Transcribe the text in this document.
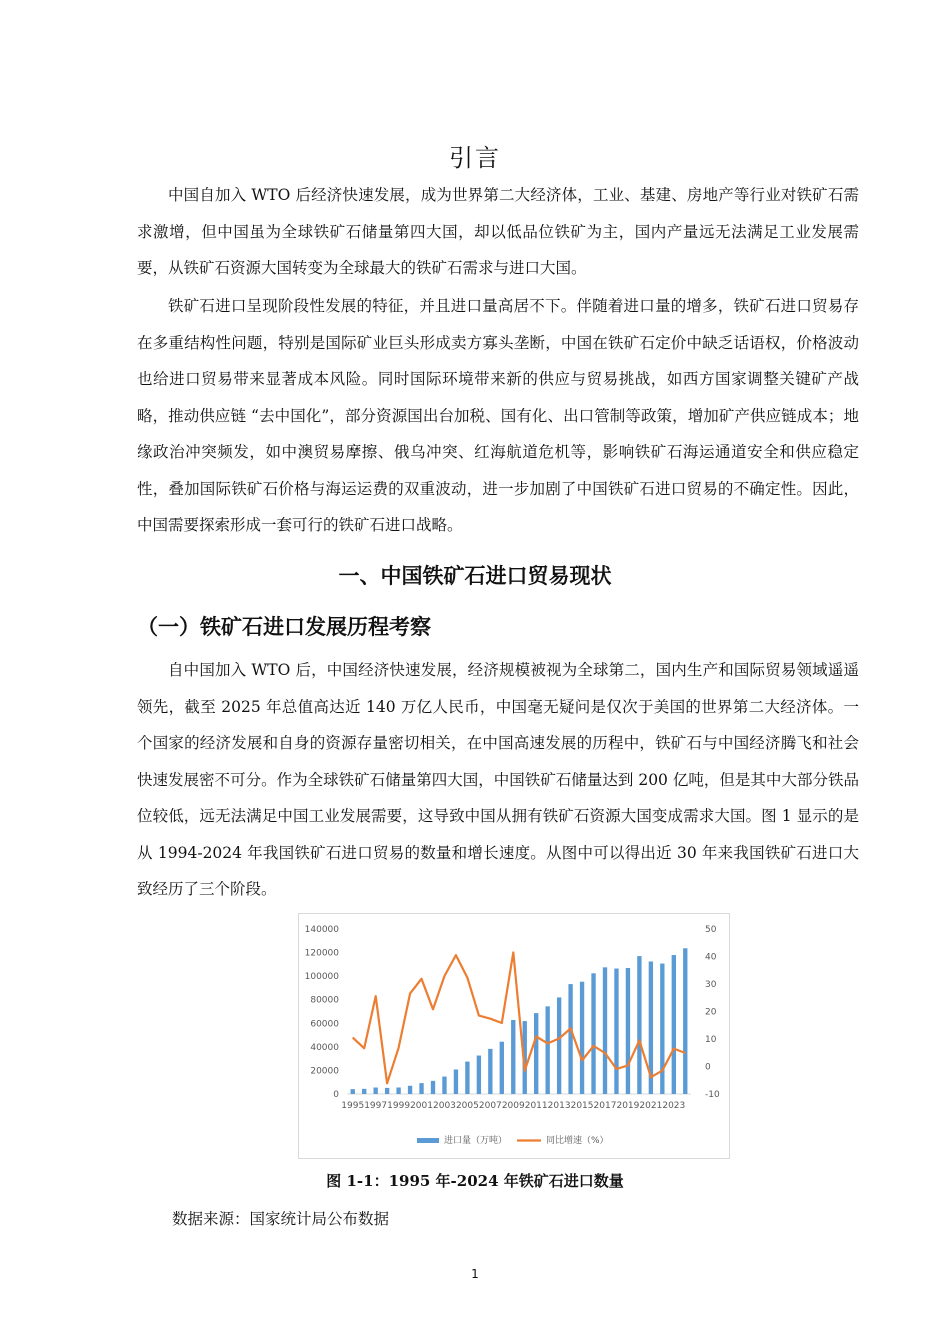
引言

中国自加入 WTO 后经济快速发展，成为世界第二大经济体，工业、基建、房地产等行业对铁矿石需求激增，但中国虽为全球铁矿石储量第四大国，却以低品位铁矿为主，国内产量远无法满足工业发展需要，从铁矿石资源大国转变为全球最大的铁矿石需求与进口大国。

铁矿石进口呈现阶段性发展的特征，并且进口量高居不下。伴随着进口量的增多，铁矿石进口贸易存在多重结构性问题，特别是国际矿业巨头形成卖方寡头垄断，中国在铁矿石定价中缺乏话语权，价格波动也给进口贸易带来显著成本风险。同时国际环境带来新的供应与贸易挑战，如西方国家调整关键矿产战略，推动供应链 “去中国化”，部分资源国出台加税、国有化、出口管制等政策，增加矿产供应链成本；地缘政治冲突频发，如中澳贸易摩擦、俄乌冲突、红海航道危机等，影响铁矿石海运通道安全和供应稳定性，叠加国际铁矿石价格与海运运费的双重波动，进一步加剧了中国铁矿石进口贸易的不确定性。因此，中国需要探索形成一套可行的铁矿石进口战略。

一、中国铁矿石进口贸易现状
（一）铁矿石进口发展历程考察

自中国加入 WTO 后，中国经济快速发展，经济规模被视为全球第二，国内生产和国际贸易领域遥遥领先，截至 2025 年总值高达近 140 万亿人民币，中国毫无疑问是仅次于美国的世界第二大经济体。一个国家的经济发展和自身的资源存量密切相关，在中国高速发展的历程中，铁矿石与中国经济腾飞和社会快速发展密不可分。作为全球铁矿石储量第四大国，中国铁矿石储量达到 200 亿吨，但是其中大部分铁品位较低，远无法满足中国工业发展需要，这导致中国从拥有铁矿石资源大国变成需求大国。图 1 显示的是从 1994-2024 年我国铁矿石进口贸易的数量和增长速度。从图中可以得出近 30 年来我国铁矿石进口大致经历了三个阶段。

0
20000
40000
60000
80000
100000
120000
140000
-10
0
10
20
30
40
50
1995 1997 1999 2001 2003 2005 2007 2009 2011 2013 2015 2017 2019 2021 2023
进口量（万吨）	同比增速（%）
图 1-1：1995 年-2024 年铁矿石进口数量
数据来源：国家统计局公布数据
1
